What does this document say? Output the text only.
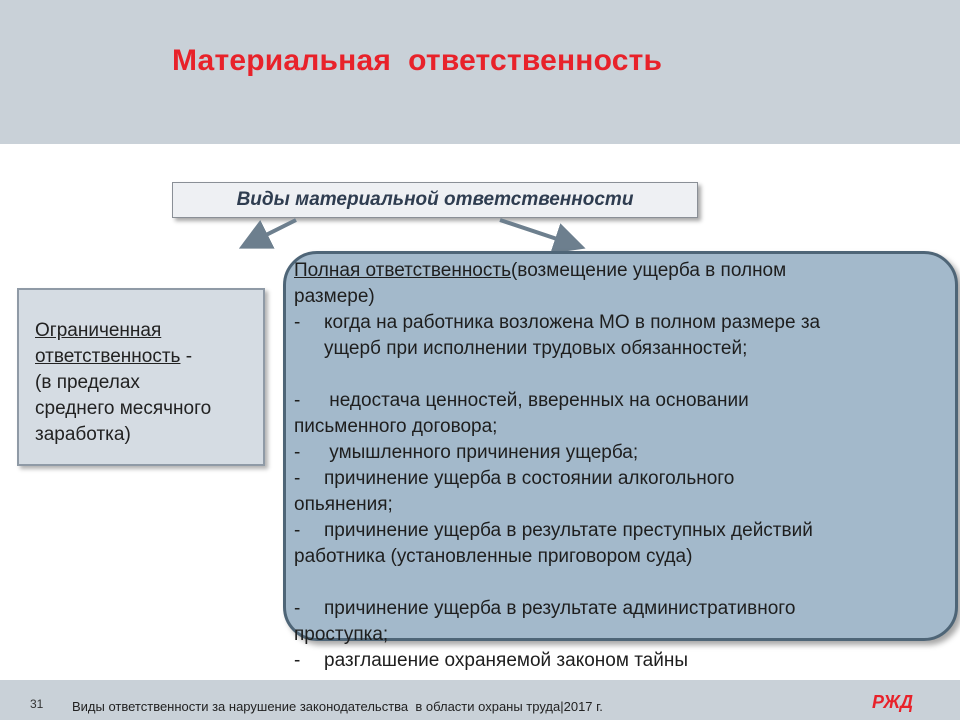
Материальная  ответственность
Виды материальной ответственности
Ограниченная
ответственность -
(в пределах
среднего месячного
заработка)

Полная ответственность(возмещение ущерба в полном

размере)

- когда на работника возложена МО в полном размере за

ущерб при исполнении трудовых обязанностей;

- недостача ценностей, вверенных на основании

письменного договора;

- умышленного причинения ущерба;

- причинение ущерба в состоянии алкогольного

опьянения;

- причинение ущерба в результате преступных действий

работника (установленные приговором суда)

- причинение ущерба в результате административного

проступка;

- разглашение охраняемой законом тайны

31 Виды ответственности за нарушение законодательства  в области охраны труда|2017 г.	РЖД
